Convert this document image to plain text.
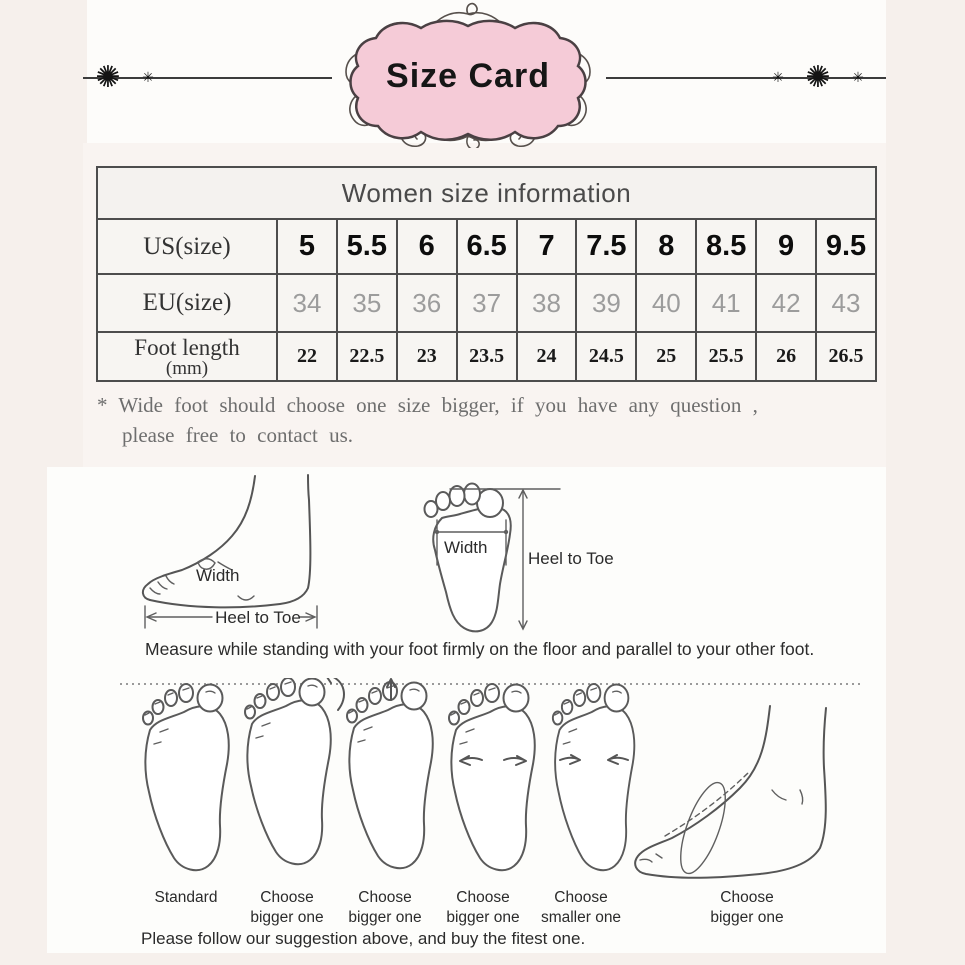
✺ ✳	✳ ✺ ✳
Size Card
Women size information										
US(size)	5	5.5	6	6.5	7	7.5	8	8.5	9	9.5
EU(size)	34	35	36	37	38	39	40	41	42	43

Foot length
(mm)	22	22.5	23	23.5	24	24.5	25	25.5	26	26.5
* Wide foot should choose one size bigger, if you have any question ,
please free to contact us.
Width
Heel to Toe
Width
Heel to Toe
Measure while standing with your foot firmly on the floor and parallel to your other foot.
Standard	Choose bigger one
Choose bigger one
Choose bigger one
Choose smaller one
Choose bigger one
Please follow our suggestion above, and buy the fitest one.
